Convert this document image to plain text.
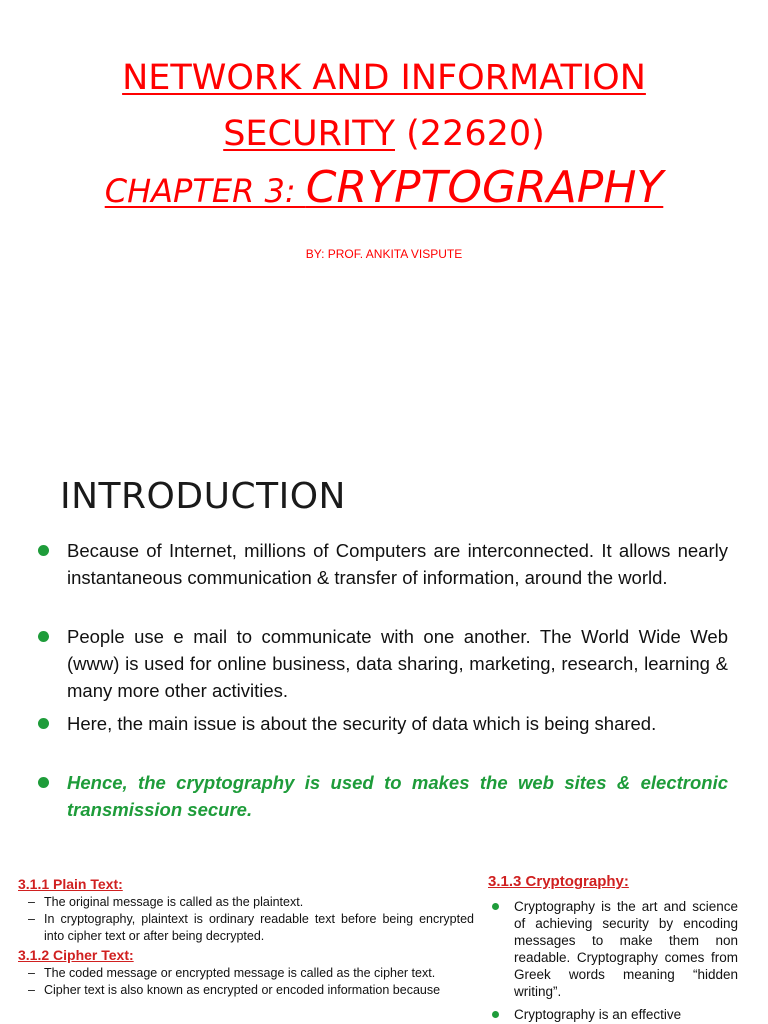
NETWORK AND INFORMATION
SECURITY (22620)
CHAPTER 3: CRYPTOGRAPHY
BY: PROF. ANKITA VISPUTE
INTRODUCTION
Because of Internet, millions of Computers are interconnected. It allows nearly instantaneous communication & transfer of information, around the world.
People use e mail to communicate with one another. The World Wide Web (www) is used for online business, data sharing, marketing, research, learning & many more other activities.
Here, the main issue is about the security of data which is being shared.
Hence, the cryptography is used to makes the web sites & electronic transmission secure.

3.1.1 Plain Text:

– The original message is called as the plaintext.
– In cryptography, plaintext is ordinary readable text before being encrypted into cipher text or after being decrypted.

3.1.2 Cipher Text:

– The coded message or encrypted message is called as the cipher text.
– Cipher text is also known as encrypted or encoded information because

3.1.3 Cryptography:

Cryptography is the art and science of achieving security by encoding messages to make them non readable. Cryptography comes from Greek words meaning “hidden writing”.
Cryptography is an effective
